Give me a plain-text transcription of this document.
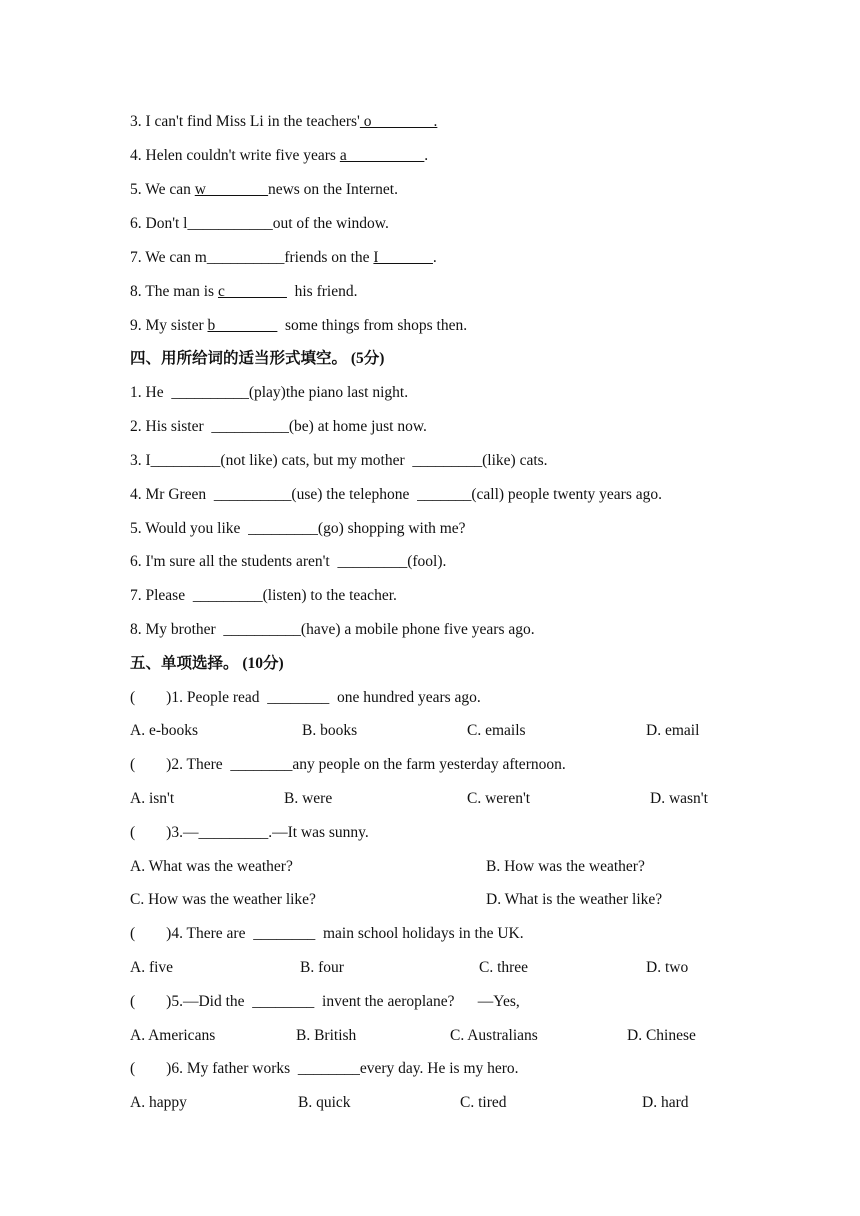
3. I can't find Miss Li in the teachers' o________.
4. Helen couldn't write five years a__________.
5. We can w________news on the Internet.
6. Don't l___________out of the window.
7. We can m__________friends on the I_______.
8. The man is c________  his friend.
9. My sister b________  some things from shops then.
四、用所给词的适当形式填空。 (5分)
1. He  __________(play)the piano last night.
2. His sister  __________(be) at home just now.
3. I_________(not like) cats, but my mother  _________(like) cats.
4. Mr Green  __________(use) the telephone  _______(call) people twenty years ago.
5. Would you like  _________(go) shopping with me?
6. I'm sure all the students aren't  _________(fool).
7. Please  _________(listen) to the teacher.
8. My brother  __________(have) a mobile phone five years ago.
五、单项选择。 (10分)
(        )1. People read  ________  one hundred years ago.
A. e-books	B. books	C. emails	D. email
(        )2. There  ________any people on the farm yesterday afternoon.
A. isn't	B. were	C. weren't	D. wasn't
(        )3.—_________.—It was sunny.
A. What was the weather?	B. How was the weather?
C. How was the weather like?	D. What is the weather like?
(        )4. There are  ________  main school holidays in the UK.
A. five	B. four	C. three	D. two
(        )5.—Did the  ________  invent the aeroplane?      —Yes,
A. Americans	B. British	C. Australians	D. Chinese
(        )6. My father works  ________every day. He is my hero.
A. happy	B. quick	C. tired	D. hard
